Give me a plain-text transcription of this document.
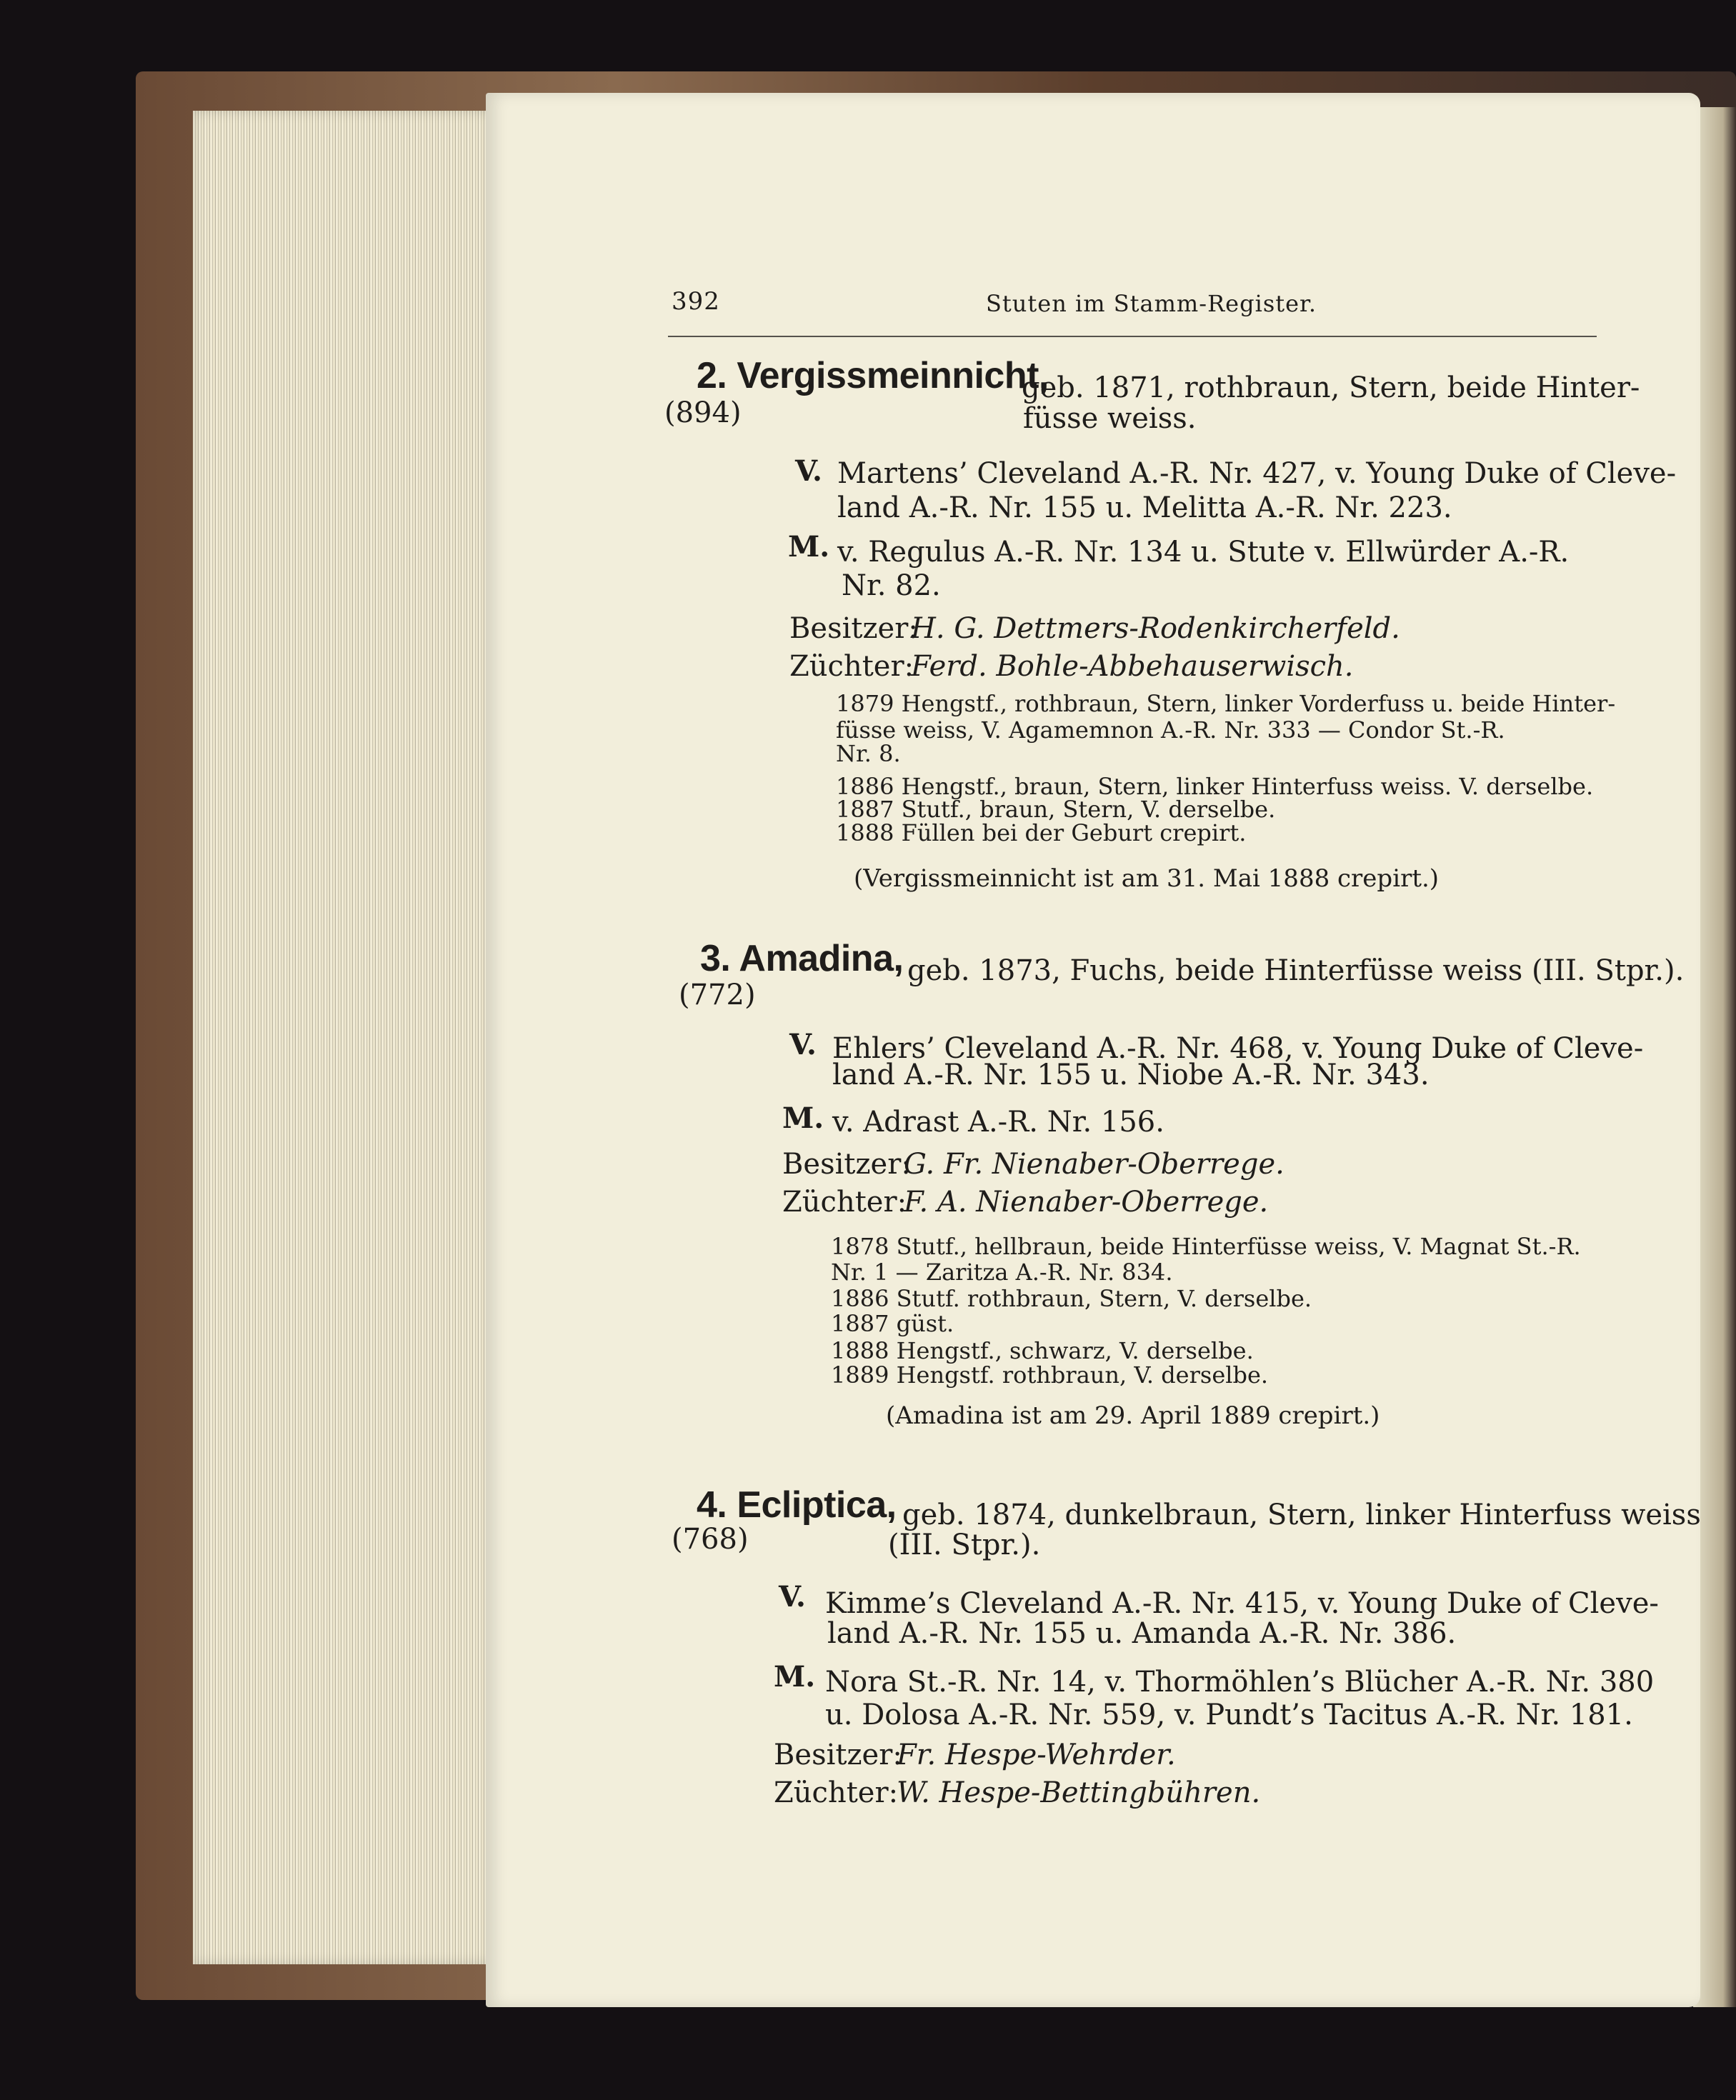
392	Stuten im Stamm-Register.
2. Vergissmeinnicht,
(894)
geb. 1871, rothbraun, Stern, beide Hinter-
füsse weiss.
V. Martens’ Cleveland A.-R. Nr. 427, v. Young Duke of Cleve-
land A.-R. Nr. 155 u. Melitta A.-R. Nr. 223.
M. v. Regulus A.-R. Nr. 134 u. Stute v. Ellwürder A.-R.
Nr. 82.
Besitzer:
H. G. Dettmers-Rodenkircherfeld.
Züchter:
Ferd. Bohle-Abbehauserwisch.
1879 Hengstf., rothbraun, Stern, linker Vorderfuss u. beide Hinter-
füsse weiss, V. Agamemnon A.-R. Nr. 333 — Condor St.-R.
Nr. 8.
1886 Hengstf., braun, Stern, linker Hinterfuss weiss. V. derselbe.
1887 Stutf., braun, Stern, V. derselbe.
1888 Füllen bei der Geburt crepirt.
(Vergissmeinnicht ist am 31. Mai 1888 crepirt.)
3. Amadina,
(772)
geb. 1873, Fuchs, beide Hinterfüsse weiss (III. Stpr.).
V. Ehlers’ Cleveland A.-R. Nr. 468, v. Young Duke of Cleve-
land A.-R. Nr. 155 u. Niobe A.-R. Nr. 343.
M. v. Adrast A.-R. Nr. 156.
Besitzer:
G. Fr. Nienaber-Oberrege.
Züchter:
F. A. Nienaber-Oberrege.
1878 Stutf., hellbraun, beide Hinterfüsse weiss, V. Magnat St.-R.
Nr. 1 — Zaritza A.-R. Nr. 834.
1886 Stutf. rothbraun, Stern, V. derselbe.
1887 güst.
1888 Hengstf., schwarz, V. derselbe.
1889 Hengstf. rothbraun, V. derselbe.
(Amadina ist am 29. April 1889 crepirt.)
4. Ecliptica,
(768)
geb. 1874, dunkelbraun, Stern, linker Hinterfuss weiss
(III. Stpr.).
V. Kimme’s Cleveland A.-R. Nr. 415, v. Young Duke of Cleve-
land A.-R. Nr. 155 u. Amanda A.-R. Nr. 386.
M. Nora St.-R. Nr. 14, v. Thormöhlen’s Blücher A.-R. Nr. 380
u. Dolosa A.-R. Nr. 559, v. Pundt’s Tacitus A.-R. Nr. 181.
Besitzer:
Fr. Hespe-Wehrder.
Züchter:
W. Hespe-Bettingbühren.
